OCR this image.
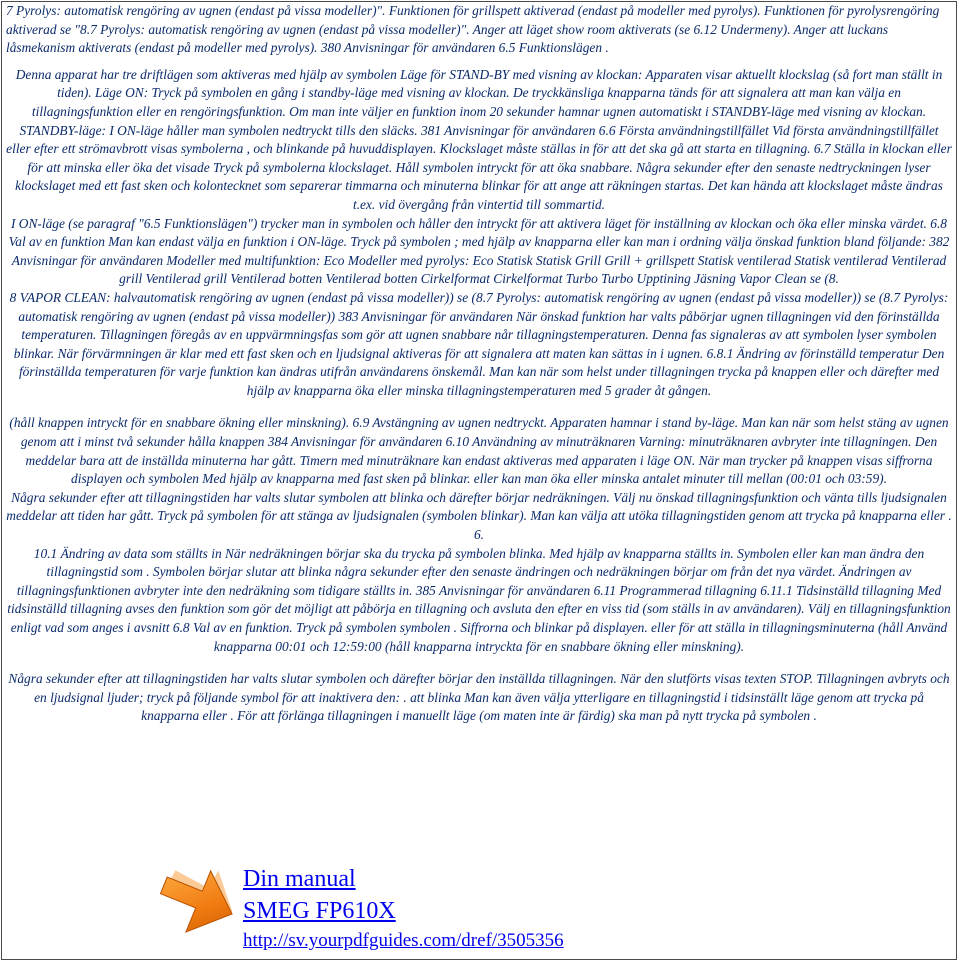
7 Pyrolys: automatisk rengöring av ugnen (endast på vissa modeller)". Funktionen för grillspett aktiverad (endast på modeller med pyrolys). Funktionen för pyrolysrengöring aktiverad se "8.7 Pyrolys: automatisk rengöring av ugnen (endast på vissa modeller)". Anger att läget show room aktiverats (se 6.12 Undermeny). Anger att luckans låsmekanism aktiverats (endast på modeller med pyrolys). 380 Anvisningar för användaren 6.5 Funktionslägen .

Denna apparat har tre driftlägen som aktiveras med hjälp av symbolen Läge för STAND-BY med visning av klockan: Apparaten visar aktuellt klockslag (så fort man ställt in tiden). Läge ON: Tryck på symbolen en gång i standby-läge med visning av klockan. De tryckkänsliga knapparna tänds för att signalera att man kan välja en tillagningsfunktion eller en rengöringsfunktion. Om man inte väljer en funktion inom 20 sekunder hamnar ugnen automatiskt i STANDBY-läge med visning av klockan. STANDBY-läge: I ON-läge håller man symbolen nedtryckt tills den släcks. 381 Anvisningar för användaren 6.6 Första användningstillfället Vid första användningstillfället eller efter ett strömavbrott visas symbolerna , och blinkande på huvuddisplayen. Klockslaget måste ställas in för att det ska gå att starta en tillagning. 6.7 Ställa in klockan eller för att minska eller öka det visade Tryck på symbolerna klockslaget. Håll symbolen intryckt för att öka snabbare. Några sekunder efter den senaste nedtryckningen lyser klockslaget med ett fast sken och kolontecknet som separerar timmarna och minuterna blinkar för att ange att räkningen startas. Det kan hända att klockslaget måste ändras t.ex. vid övergång från vintertid till sommartid.

I ON-läge (se paragraf "6.5 Funktionslägen") trycker man in symbolen och håller den intryckt för att aktivera läget för inställning av klockan och öka eller minska värdet. 6.8 Val av en funktion Man kan endast välja en funktion i ON-läge. Tryck på symbolen ; med hjälp av knapparna eller kan man i ordning välja önskad funktion bland följande: 382 Anvisningar för användaren Modeller med multifunktion: Eco Modeller med pyrolys: Eco Statisk Statisk Grill Grill + grillspett Statisk ventilerad Statisk ventilerad Ventilerad grill Ventilerad grill Ventilerad botten Ventilerad botten Cirkelformat Cirkelformat Turbo Turbo Upptining Jäsning Vapor Clean se (8.

8 VAPOR CLEAN: halvautomatisk rengöring av ugnen (endast på vissa modeller)) se (8.7 Pyrolys: automatisk rengöring av ugnen (endast på vissa modeller)) se (8.7 Pyrolys: automatisk rengöring av ugnen (endast på vissa modeller)) 383 Anvisningar för användaren När önskad funktion har valts påbörjar ugnen tillagningen vid den förinställda temperaturen. Tillagningen föregås av en uppvärmningsfas som gör att ugnen snabbare når tillagningstemperaturen. Denna fas signaleras av att symbolen lyser symbolen blinkar. När förvärmningen är klar med ett fast sken och en ljudsignal aktiveras för att signalera att maten kan sättas in i ugnen. 6.8.1 Ändring av förinställd temperatur Den förinställda temperaturen för varje funktion kan ändras utifrån användarens önskemål. Man kan när som helst under tillagningen trycka på knappen eller och därefter med hjälp av knapparna öka eller minska tillagningstemperaturen med 5 grader åt gången.

(håll knappen intryckt för en snabbare ökning eller minskning). 6.9 Avstängning av ugnen nedtryckt. Apparaten hamnar i stand by-läge. Man kan när som helst stäng av ugnen genom att i minst två sekunder hålla knappen 384 Anvisningar för användaren 6.10 Användning av minuträknaren Varning: minuträknaren avbryter inte tillagningen. Den meddelar bara att de inställda minuterna har gått. Timern med minuträknare kan endast aktiveras med apparaten i läge ON. När man trycker på knappen visas siffrorna displayen och symbolen Med hjälp av knapparna med fast sken på blinkar. eller kan man öka eller minska antalet minuter till mellan (00:01 och 03:59).

Några sekunder efter att tillagningstiden har valts slutar symbolen att blinka och därefter börjar nedräkningen. Välj nu önskad tillagningsfunktion och vänta tills ljudsignalen meddelar att tiden har gått. Tryck på symbolen för att stänga av ljudsignalen (symbolen blinkar). Man kan välja att utöka tillagningstiden genom att trycka på knapparna eller . 6.

10.1 Ändring av data som ställts in När nedräkningen börjar ska du trycka på symbolen blinka. Med hjälp av knapparna ställts in. Symbolen eller kan man ändra den tillagningstid som . Symbolen börjar slutar att blinka några sekunder efter den senaste ändringen och nedräkningen börjar om från det nya värdet. Ändringen av tillagningsfunktionen avbryter inte den nedräkning som tidigare ställts in. 385 Anvisningar för användaren 6.11 Programmerad tillagning 6.11.1 Tidsinställd tillagning Med tidsinställd tillagning avses den funktion som gör det möjligt att påbörja en tillagning och avsluta den efter en viss tid (som ställs in av användaren). Välj en tillagningsfunktion enligt vad som anges i avsnitt 6.8 Val av en funktion. Tryck på symbolen symbolen . Siffrorna och blinkar på displayen. eller för att ställa in tillagningsminuterna (håll Använd knapparna 00:01 och 12:59:00 (håll knapparna intryckta för en snabbare ökning eller minskning).

Några sekunder efter att tillagningstiden har valts slutar symbolen och därefter börjar den inställda tillagningen. När den slutförts visas texten STOP. Tillagningen avbryts och en ljudsignal ljuder; tryck på följande symbol för att inaktivera den: . att blinka Man kan även välja ytterligare en tillagningstid i tidsinställt läge genom att trycka på knapparna eller . För att förlänga tillagningen i manuellt läge (om maten inte är färdig) ska man på nytt trycka på symbolen .

Din manual
SMEG FP610X
http://sv.yourpdfguides.com/dref/3505356
